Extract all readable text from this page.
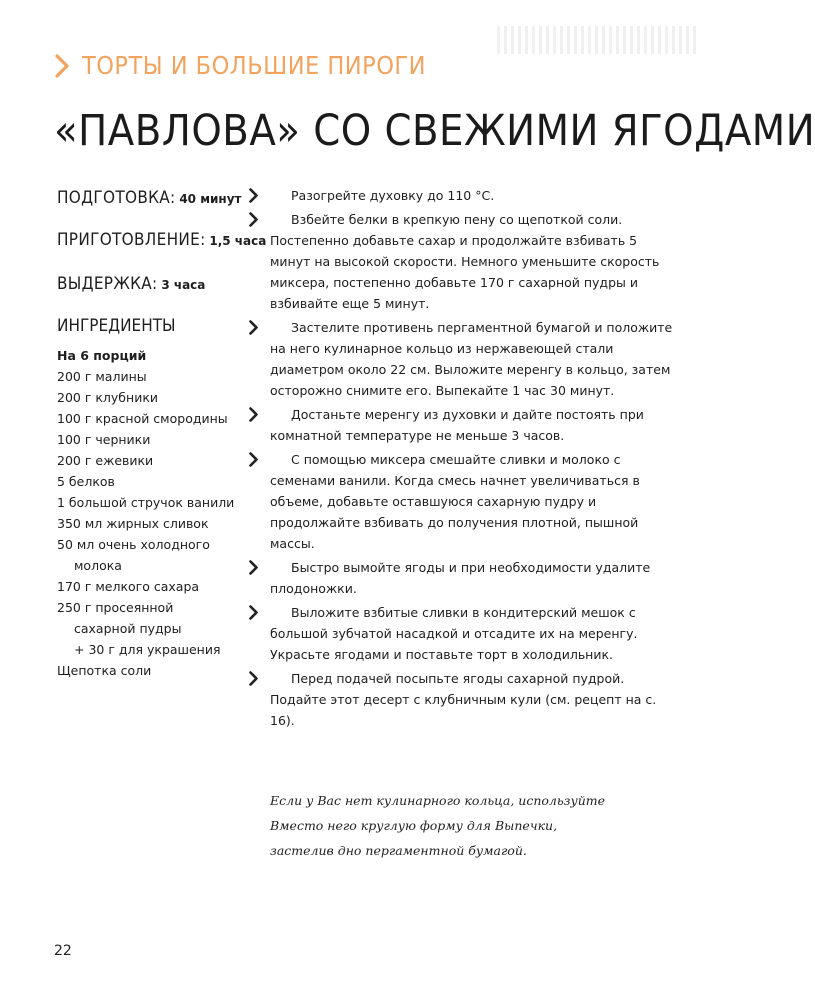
ТОРТЫ И БОЛЬШИЕ ПИРОГИ
«ПАВЛОВА» СО СВЕЖИМИ ЯГОДАМИ

ПОДГОТОВКА: 40 минут

ПРИГОТОВЛЕНИЕ: 1,5 часа

ВЫДЕРЖКА: 3 часа

ИНГРЕДИЕНТЫ
На 6 порций
200 г малины
200 г клубники
100 г красной смородины
100 г черники
200 г ежевики
5 белков
1 большой стручок ванили
350 мл жирных сливок
50 мл очень холодного
молока
170 г мелкого сахара
250 г просеянной
сахарной пудры
+ 30 г для украшения
Щепотка соли
Разогрейте духовку до 110 °С.
Взбейте белки в крепкую пену со щепоткой соли. Постепенно добавьте сахар и продолжайте взбивать 5 минут на высокой скорости. Немного уменьшите скорость миксера, постепенно добавьте 170 г сахарной пудры и взбивайте еще 5 минут.
Застелите противень пергаментной бумагой и положите на него кулинарное кольцо из нержавеющей стали диаметром около 22 см. Выложите меренгу в кольцо, затем осторожно снимите его. Выпекайте 1 час 30 минут.
Достаньте меренгу из духовки и дайте постоять при комнатной температуре не меньше 3 часов.
С помощью миксера смешайте сливки и молоко с семенами ванили. Когда смесь начнет увеличиваться в объеме, добавьте оставшуюся сахарную пудру и продолжайте взбивать до получения плотной, пышной массы.
Быстро вымойте ягоды и при необходимости удалите плодоножки.
Выложите взбитые сливки в кондитерский мешок с большой зубчатой насадкой и отсадите их на меренгу. Украсьте ягодами и поставьте торт в холодильник.
Перед подачей посыпьте ягоды сахарной пудрой. Подайте этот десерт с клубничным кули (см. рецепт на с. 16).

Если у Вас нет кулинарного кольца, используйте
Вместо него круглую форму для Выпечки,
застелив дно пергаментной бумагой.

22
